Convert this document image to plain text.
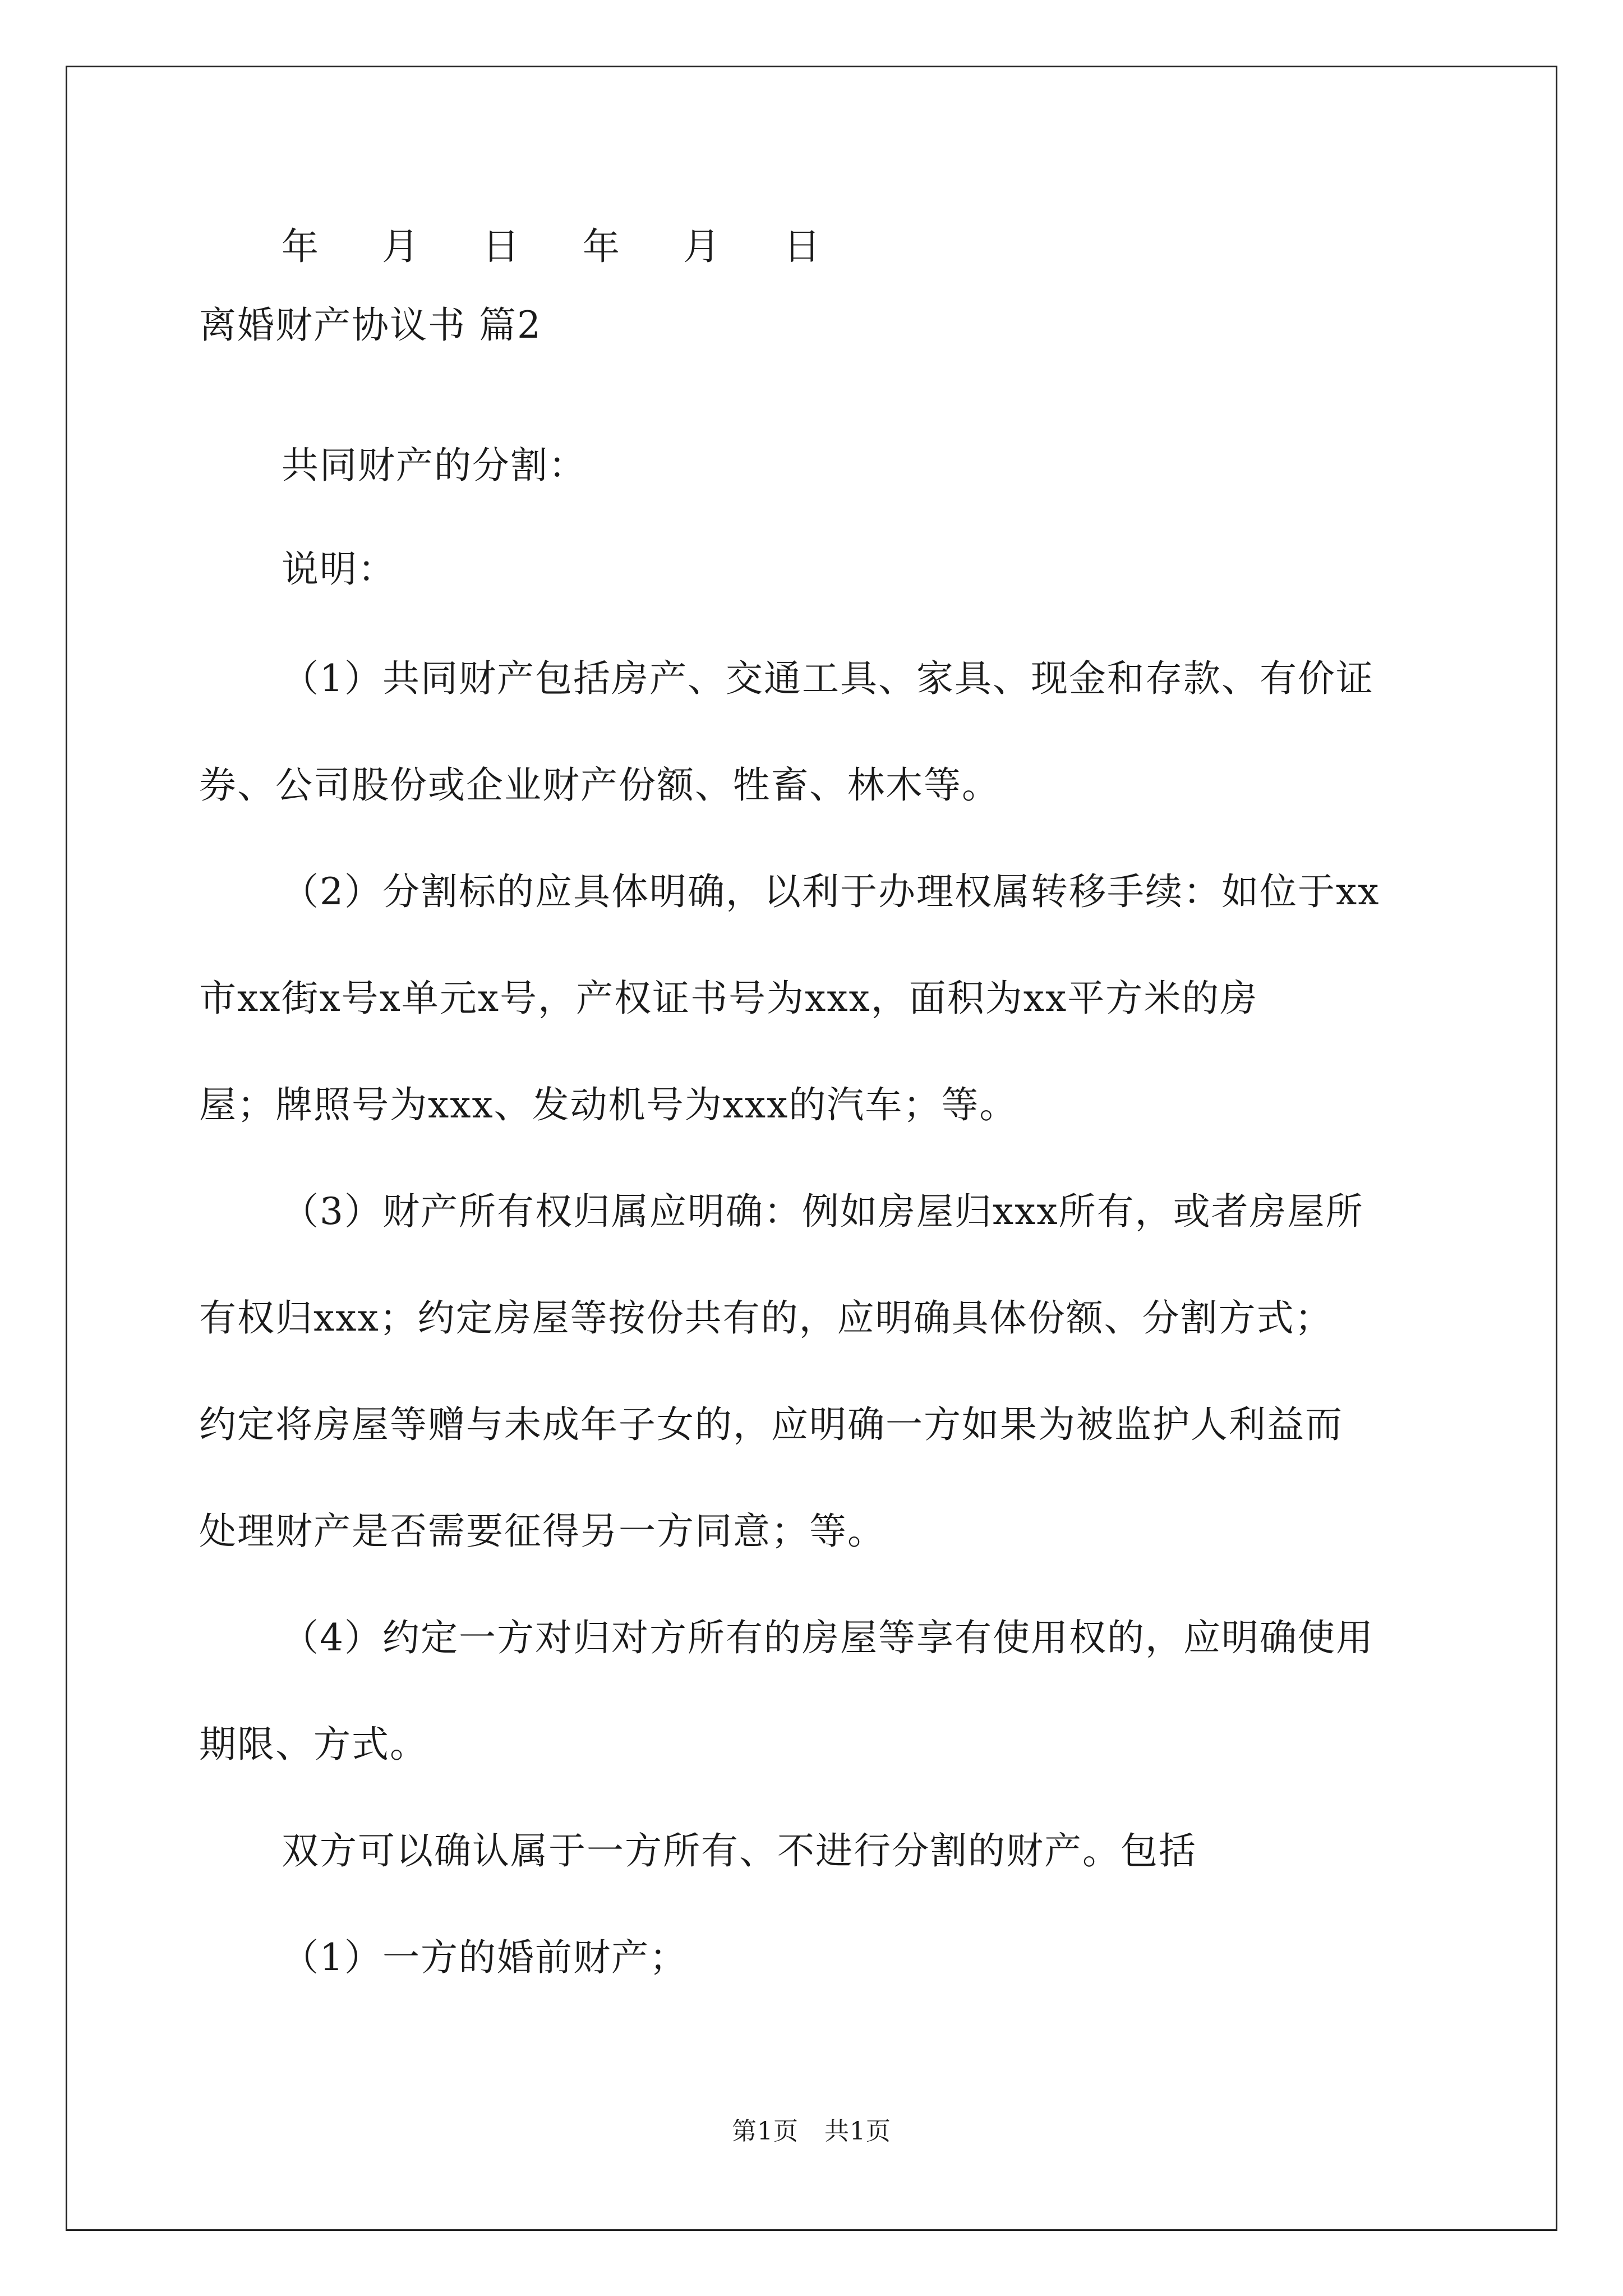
年 月 日 年 月 日
离婚财产协议书 篇2
共同财产的分割：
说明：
（1）共同财产包括房产、交通工具、家具、现金和存款、有价证
券、公司股份或企业财产份额、牲畜、林木等。
（2）分割标的应具体明确，以利于办理权属转移手续：如位于xx
市xx街x号x单元x号，产权证书号为xxx，面积为xx平方米的房
屋；牌照号为xxx、发动机号为xxx的汽车；等。
（3）财产所有权归属应明确：例如房屋归xxx所有，或者房屋所
有权归xxx；约定房屋等按份共有的，应明确具体份额、分割方式；
约定将房屋等赠与未成年子女的，应明确一方如果为被监护人利益而
处理财产是否需要征得另一方同意；等。
（4）约定一方对归对方所有的房屋等享有使用权的，应明确使用
期限、方式。
双方可以确认属于一方所有、不进行分割的财产。包括
（1）一方的婚前财产；
第1页 共1页
